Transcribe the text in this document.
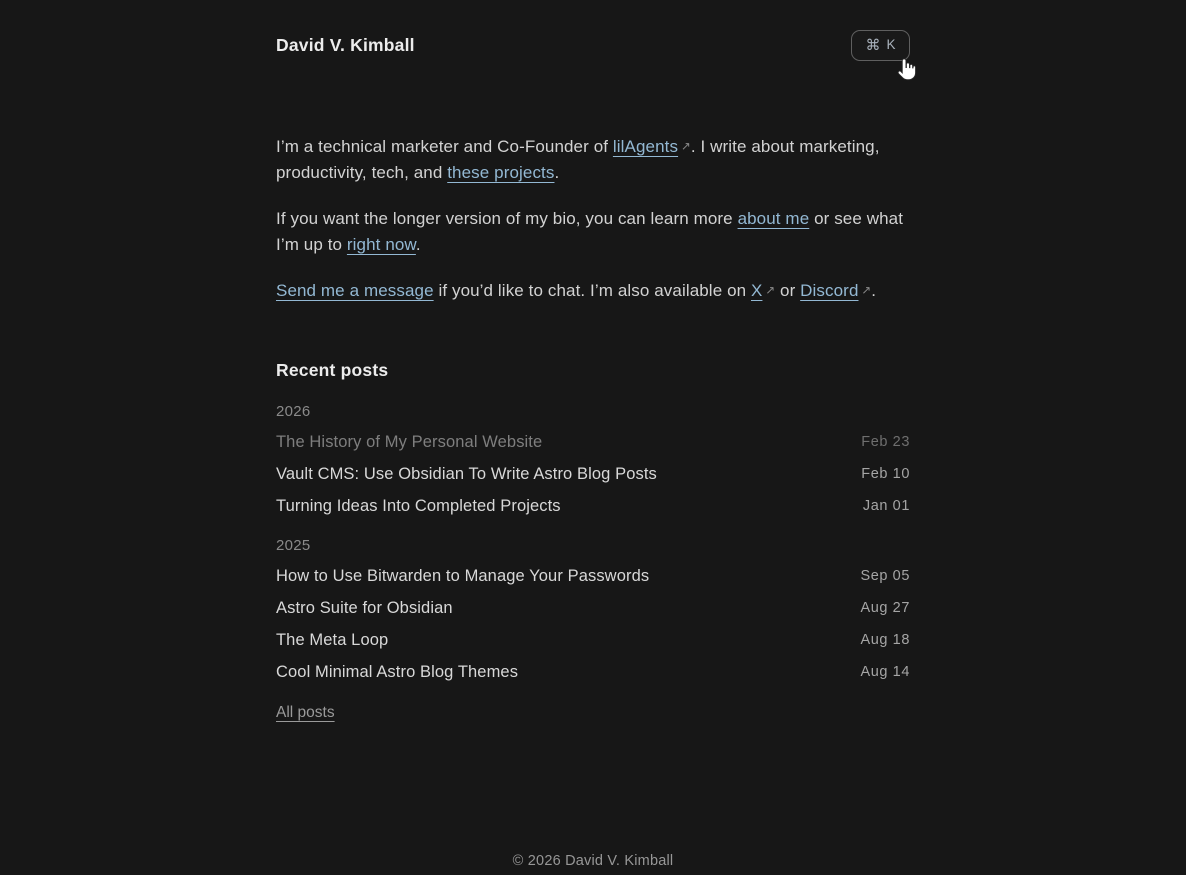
David V. Kimball	⌘ K

I’m a technical marketer and Co-Founder of lilAgents ↗. I write about marketing, productivity, tech, and these projects.

If you want the longer version of my bio, you can learn more about me or see what I’m up to right now.

Send me a message if you’d like to chat. I’m also available on X ↗ or Discord ↗.

Recent posts
2026
The History of My Personal Website	Feb 23
Vault CMS: Use Obsidian To Write Astro Blog Posts	Feb 10
Turning Ideas Into Completed Projects	Jan 01
2025
How to Use Bitwarden to Manage Your Passwords	Sep 05
Astro Suite for Obsidian	Aug 27
The Meta Loop	Aug 18
Cool Minimal Astro Blog Themes	Aug 14
All posts
© 2026 David V. Kimball
